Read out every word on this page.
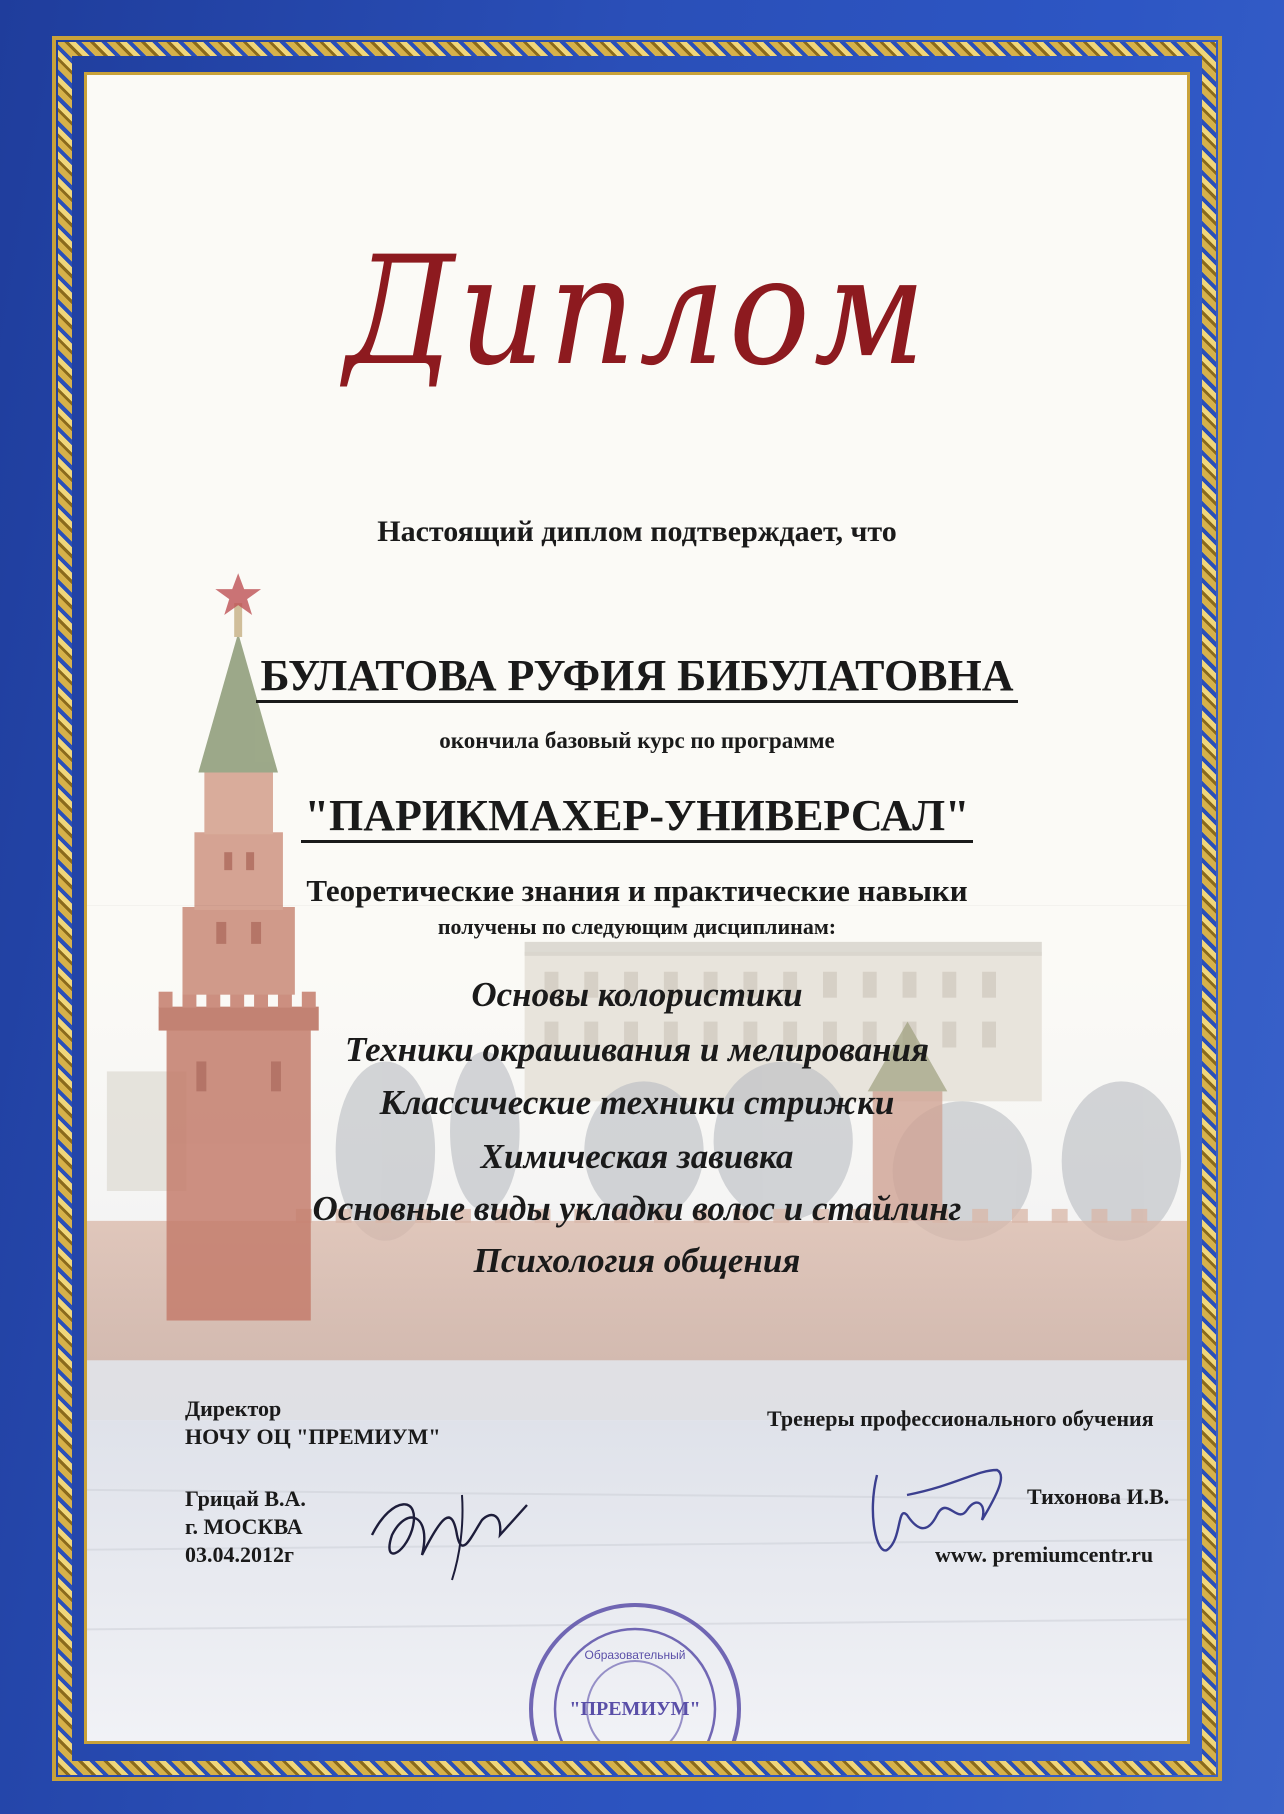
Диплом
Настоящий диплом подтверждает, что
БУЛАТОВА РУФИЯ БИБУЛАТОВНА
окончила базовый курс по программе
"ПАРИКМАХЕР-УНИВЕРСАЛ"
Теоретические знания и практические навыки
получены по следующим дисциплинам:
Основы колористики
Техники окрашивания и мелирования
Классические техники стрижки
Химическая завивка
Основные виды укладки волос и стайлинг
Психология общения
Директор
НОЧУ ОЦ "ПРЕМИУМ"
Грицай В.А.
г. МОСКВА
03.04.2012г
Тренеры профессионального обучения
Тихонова И.В.
www. premiumcentr.ru
"ПРЕМИУМ"
Образовательный
центр
